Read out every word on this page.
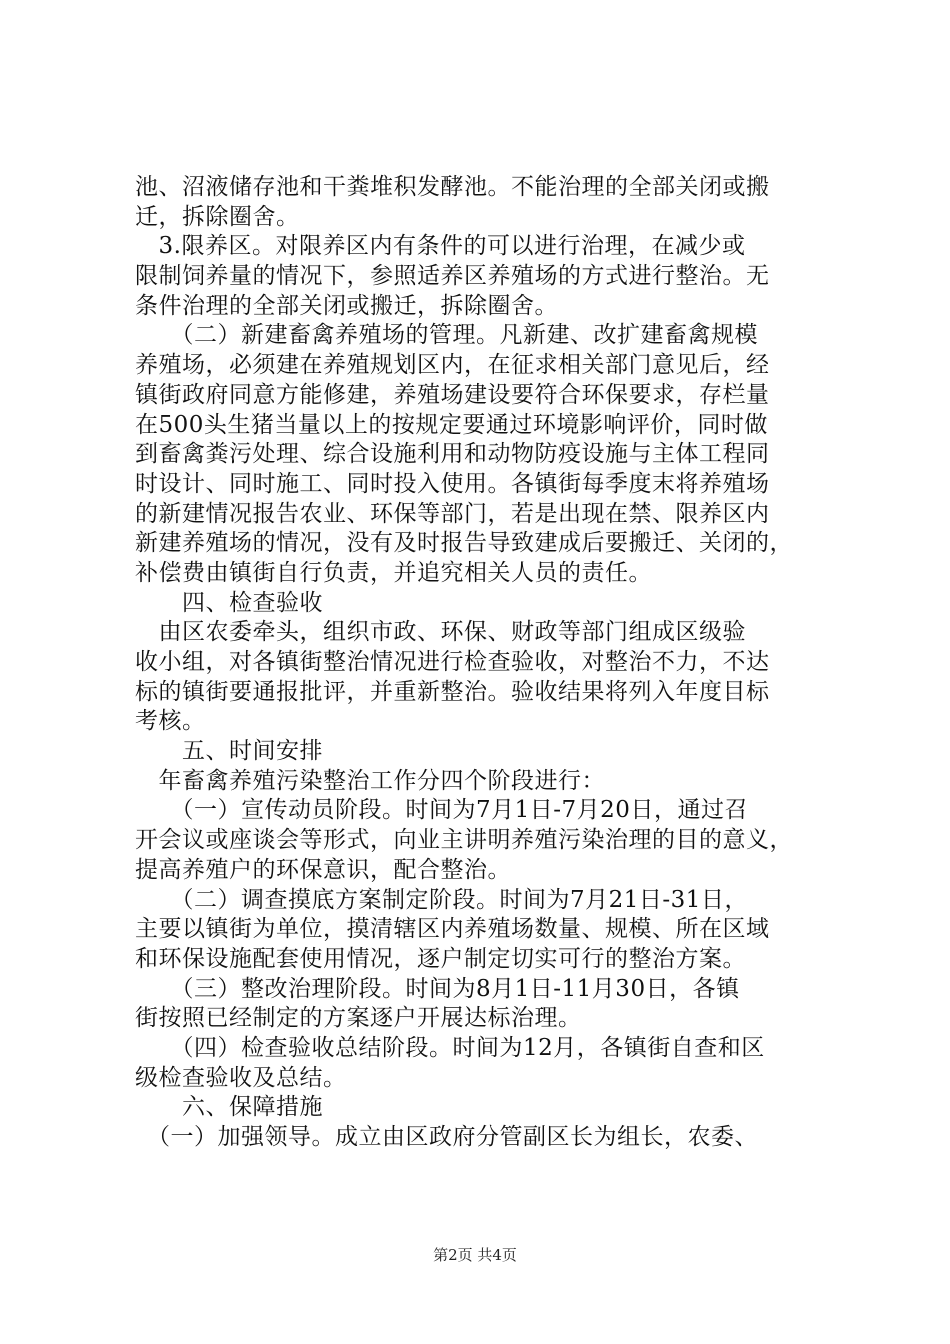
池、沼液储存池和干粪堆积发酵池。不能治理的全部关闭或搬
迁，拆除圈舍。
　3.限养区。对限养区内有条件的可以进行治理，在减少或
限制饲养量的情况下，参照适养区养殖场的方式进行整治。无
条件治理的全部关闭或搬迁，拆除圈舍。
　　（二）新建畜禽养殖场的管理。凡新建、改扩建畜禽规模
养殖场，必须建在养殖规划区内，在征求相关部门意见后，经
镇街政府同意方能修建，养殖场建设要符合环保要求，存栏量
在500头生猪当量以上的按规定要通过环境影响评价，同时做
到畜禽粪污处理、综合设施利用和动物防疫设施与主体工程同
时设计、同时施工、同时投入使用。各镇街每季度末将养殖场
的新建情况报告农业、环保等部门，若是出现在禁、限养区内
新建养殖场的情况，没有及时报告导致建成后要搬迁、关闭的，
补偿费由镇街自行负责，并追究相关人员的责任。
　　四、检查验收
　由区农委牵头，组织市政、环保、财政等部门组成区级验
收小组，对各镇街整治情况进行检查验收，对整治不力，不达
标的镇街要通报批评，并重新整治。验收结果将列入年度目标
考核。
　　五、时间安排
　年畜禽养殖污染整治工作分四个阶段进行：
　　（一）宣传动员阶段。时间为7月1日-7月20日，通过召
开会议或座谈会等形式，向业主讲明养殖污染治理的目的意义，
提高养殖户的环保意识，配合整治。
　　（二）调查摸底方案制定阶段。时间为7月21日-31日，
主要以镇街为单位，摸清辖区内养殖场数量、规模、所在区域
和环保设施配套使用情况，逐户制定切实可行的整治方案。
　　（三）整改治理阶段。时间为8月1日-11月30日，各镇
街按照已经制定的方案逐户开展达标治理。
　　（四）检查验收总结阶段。时间为12月，各镇街自查和区
级检查验收及总结。
　　六、保障措施
　（一）加强领导。成立由区政府分管副区长为组长，农委、
第2页 共4页
